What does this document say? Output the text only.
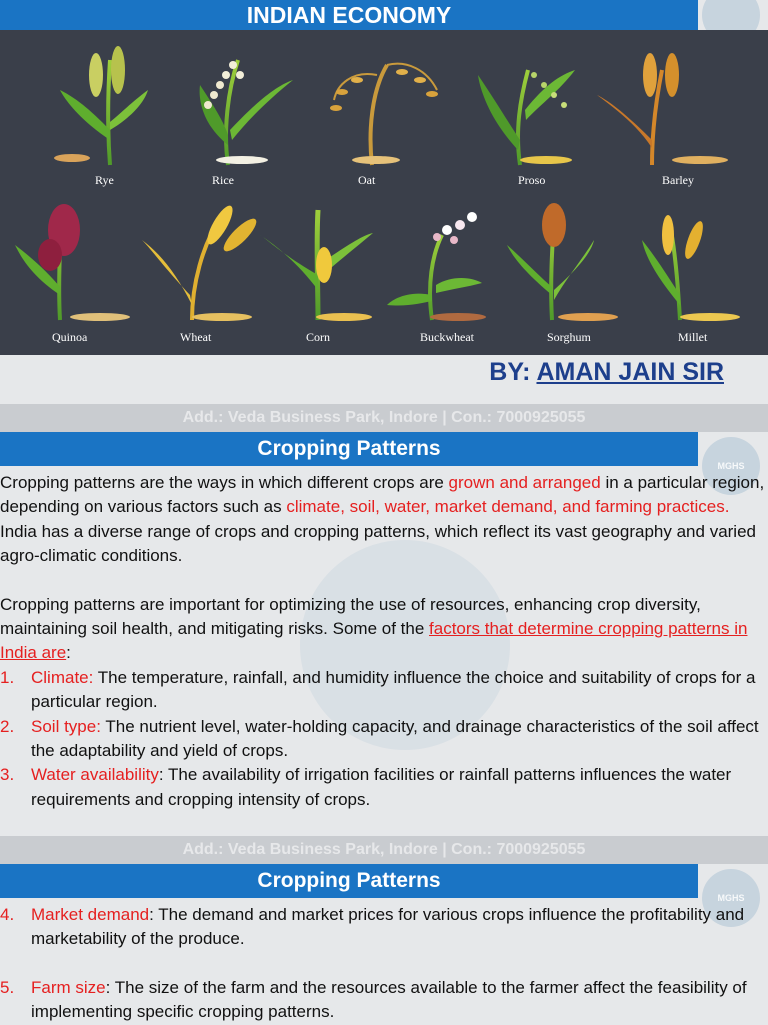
INDIAN ECONOMY
Rye	Rice	Oat	Proso	Barley
Quinoa	Wheat	Corn	Buckwheat	Sorghum	Millet
BY: AMAN JAIN SIR
Add.: Veda Business Park, Indore | Con.: 7000925055
Cropping Patterns
MGHS

Cropping patterns are the ways in which different crops are grown and arranged in a particular region, depending on various factors such as climate, soil, water, market demand, and farming practices. India has a diverse range of crops and cropping patterns, which reflect its vast geography and varied agro-climatic conditions.

Cropping patterns are important for optimizing the use of resources, enhancing crop diversity, maintaining soil health, and mitigating risks. Some of the factors that determine cropping patterns in India are:

1. Climate: The temperature, rainfall, and humidity influence the choice and suitability of crops for a particular region.
2. Soil type: The nutrient level, water-holding capacity, and drainage characteristics of the soil affect the adaptability and yield of crops.
3. Water availability: The availability of irrigation facilities or rainfall patterns influences the water requirements and cropping intensity of crops.
Add.: Veda Business Park, Indore | Con.: 7000925055
Cropping Patterns
MGHS
4. Market demand: The demand and market prices for various crops influence the profitability and marketability of the produce.
5. Farm size: The size of the farm and the resources available to the farmer affect the feasibility of implementing specific cropping patterns.
